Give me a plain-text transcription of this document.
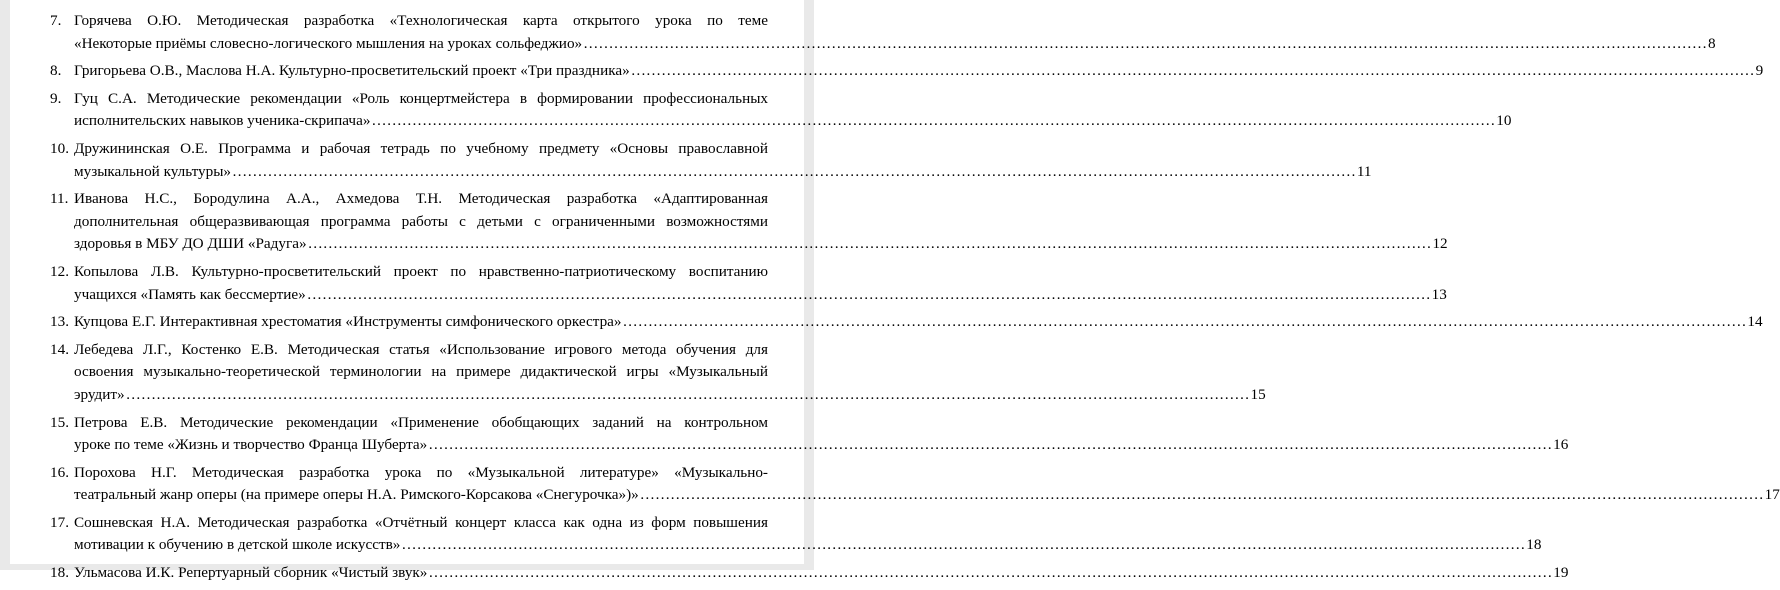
7. Горячева О.Ю. Методическая разработка «Технологическая карта открытого урока по теме
«Некоторые приёмы словесно-логического мышления на уроках сольфеджио» ……………………………………………………………………………………………………………………………………………………………………………………………………	8
8. Григорьева О.В., Маслова Н.А. Культурно-просветительский проект «Три праздника» ……………………………………………………………………………………………………………………………………………………………………………………………………	9
9. Гуц С.А. Методические рекомендации «Роль концертмейстера в формировании профессиональных
исполнительских навыков ученика-скрипача» ……………………………………………………………………………………………………………………………………………………………………………………………………	10
10. Дружининская О.Е. Программа и рабочая тетрадь по учебному предмету «Основы православной
музыкальной культуры» ……………………………………………………………………………………………………………………………………………………………………………………………………	11
11. Иванова Н.С., Бородулина А.А., Ахмедова Т.Н. Методическая разработка «Адаптированная
дополнительная общеразвивающая программа работы с детьми с ограниченными возможностями
здоровья в МБУ ДО ДШИ «Радуга» ……………………………………………………………………………………………………………………………………………………………………………………………………	12
12. Копылова Л.В. Культурно-просветительский проект по нравственно-патриотическому воспитанию
учащихся «Память как бессмертие» ……………………………………………………………………………………………………………………………………………………………………………………………………	13
13. Купцова Е.Г. Интерактивная хрестоматия «Инструменты симфонического оркестра» ……………………………………………………………………………………………………………………………………………………………………………………………………	14
14. Лебедева Л.Г., Костенко Е.В. Методическая статья «Использование игрового метода обучения для
освоения музыкально-теоретической терминологии на примере дидактической игры «Музыкальный
эрудит» ……………………………………………………………………………………………………………………………………………………………………………………………………	15
15. Петрова Е.В. Методические рекомендации «Применение обобщающих заданий на контрольном
уроке по теме «Жизнь и творчество Франца Шуберта» ……………………………………………………………………………………………………………………………………………………………………………………………………	16
16. Порохова Н.Г. Методическая разработка урока по «Музыкальной литературе» «Музыкально-
театральный жанр оперы (на примере оперы Н.А. Римского-Корсакова «Снегурочка»)» ……………………………………………………………………………………………………………………………………………………………………………………………………	17
17. Сошневская Н.А. Методическая разработка «Отчётный концерт класса как одна из форм повышения
мотивации к обучению в детской школе искусств» ……………………………………………………………………………………………………………………………………………………………………………………………………	18
18. Ульмасова И.К. Репертуарный сборник «Чистый звук» ……………………………………………………………………………………………………………………………………………………………………………………………………	19
